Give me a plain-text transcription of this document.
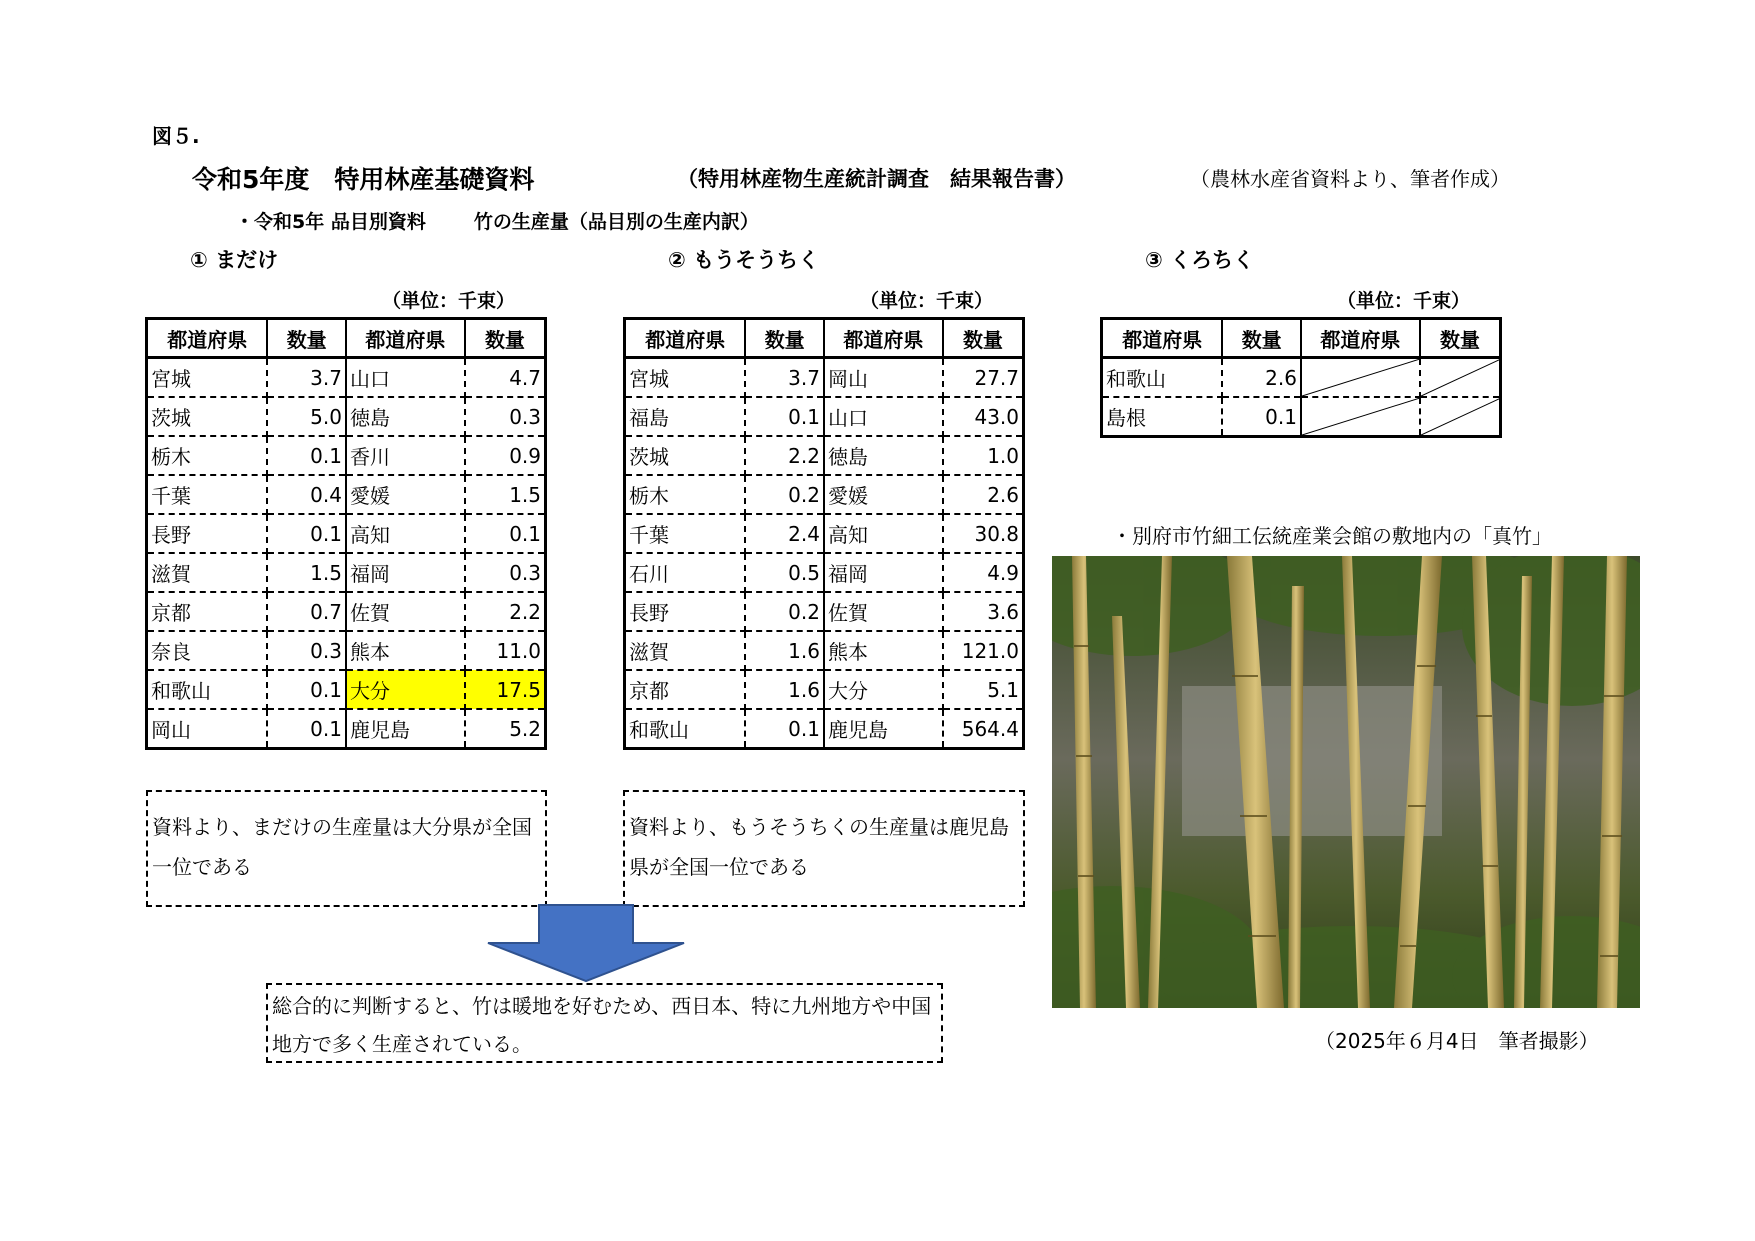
図５.
令和5年度　特用林産基礎資料	（特用林産物生産統計調査　結果報告書）	（農林水産省資料より、筆者作成）
・令和5年 品目別資料	竹の生産量（品目別の生産内訳）
① まだけ	② もうそうちく	③ くろちく
（単位：千束）	（単位：千束）	（単位：千束）
都道府県	数量	都道府県	数量
宮城	3.7	山口	4.7
茨城	5.0	徳島	0.3
栃木	0.1	香川	0.9
千葉	0.4	愛媛	1.5
長野	0.1	高知	0.1
滋賀	1.5	福岡	0.3
京都	0.7	佐賀	2.2
奈良	0.3	熊本	11.0
和歌山	0.1	大分	17.5
岡山	0.1	鹿児島	5.2
都道府県	数量	都道府県	数量
宮城	3.7	岡山	27.7
福島	0.1	山口	43.0
茨城	2.2	徳島	1.0
栃木	0.2	愛媛	2.6
千葉	2.4	高知	30.8
石川	0.5	福岡	4.9
長野	0.2	佐賀	3.6
滋賀	1.6	熊本	121.0
京都	1.6	大分	5.1
和歌山	0.1	鹿児島	564.4
都道府県	数量	都道府県	数量
和歌山	2.6	

島根	0.1	

資料より、まだけの生産量は大分県が全国一位である
資料より、もうそうちくの生産量は鹿児島県が全国一位である
総合的に判断すると、竹は暖地を好むため、西日本、特に九州地方や中国地方で多く生産されている。
・別府市竹細工伝統産業会館の敷地内の「真竹」
（2025年６月4日　筆者撮影）
